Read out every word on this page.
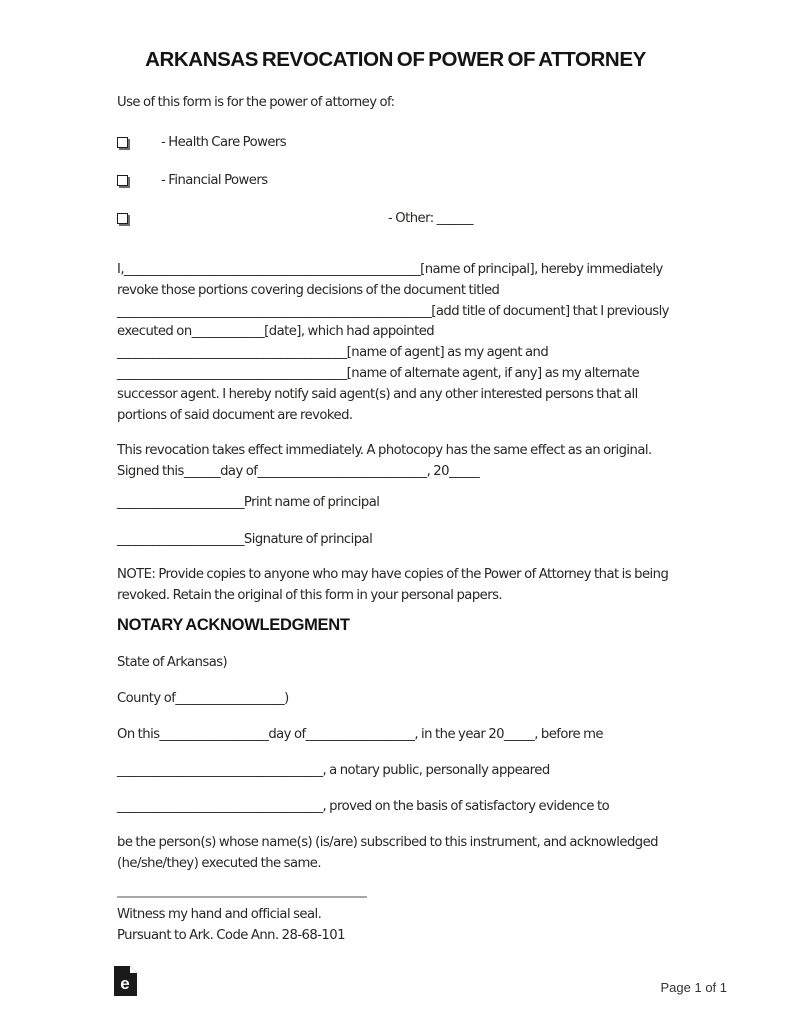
ARKANSAS REVOCATION OF POWER OF ATTORNEY
Use of this form is for the power of attorney of:
- Health Care Powers
- Financial Powers
- Other: ______
I,_________________________________________________[name of principal], hereby immediately revoke those portions covering decisions of the document titled ____________________________________________________[add title of document] that I previously executed on____________[date], which had appointed ______________________________________[name of agent] as my agent and ______________________________________[name of alternate agent, if any] as my alternate successor agent. I hereby notify said agent(s) and any other interested persons that all portions of said document are revoked.
This revocation takes effect immediately. A photocopy has the same effect as an original. Signed this______day of____________________________, 20_____
_____________________Print name of principal
_____________________Signature of principal
NOTE: Provide copies to anyone who may have copies of the Power of Attorney that is being revoked. Retain the original of this form in your personal papers.
NOTARY ACKNOWLEDGMENT
State of Arkansas)
County of__________________)
On this__________________day of__________________, in the year 20_____, before me
__________________________________, a notary public, personally appeared
__________________________________, proved on the basis of satisfactory evidence to
be the person(s) whose name(s) (is/are) subscribed to this instrument, and acknowledged (he/she/they) executed the same.
Witness my hand and official seal.
Pursuant to Ark. Code Ann. 28-68-101
e	Page 1 of 1
